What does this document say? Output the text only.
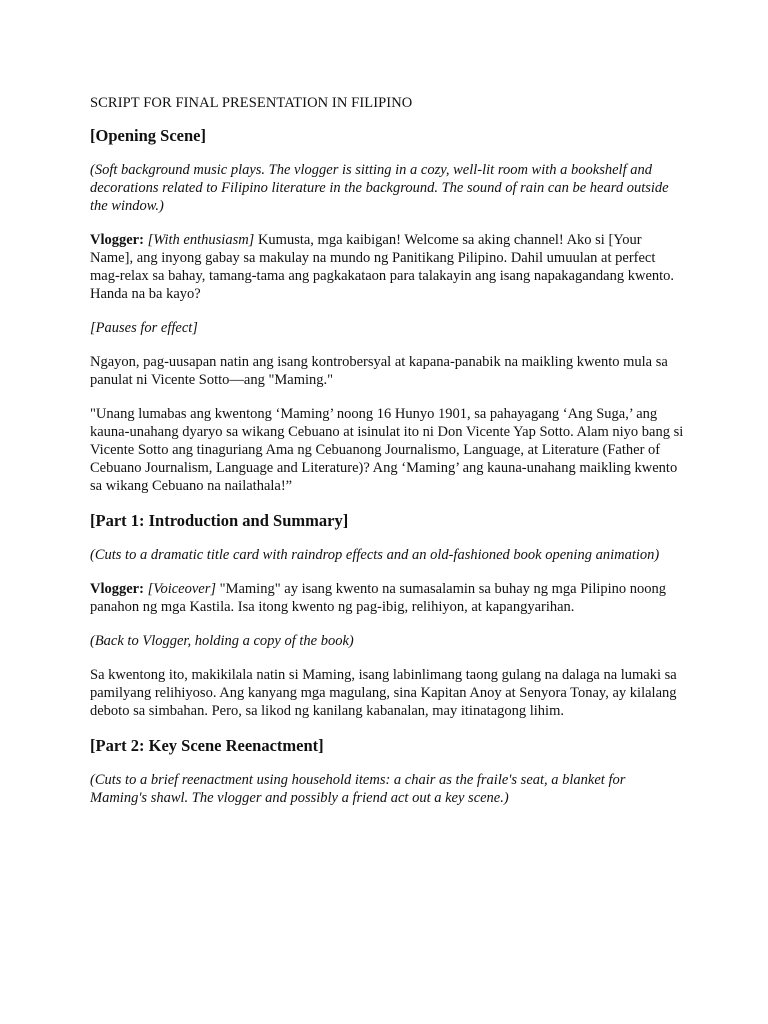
SCRIPT FOR FINAL PRESENTATION IN FILIPINO
[Opening Scene]

(Soft background music plays. The vlogger is sitting in a cozy, well-lit room with a bookshelf and decorations related to Filipino literature in the background. The sound of rain can be heard outside the window.)

Vlogger: [With enthusiasm] Kumusta, mga kaibigan! Welcome sa aking channel! Ako si [Your Name], ang inyong gabay sa makulay na mundo ng Panitikang Pilipino. Dahil umuulan at perfect mag-relax sa bahay, tamang-tama ang pagkakataon para talakayin ang isang napakagandang kwento. Handa na ba kayo?

[Pauses for effect]

Ngayon, pag-uusapan natin ang isang kontrobersyal at kapana-panabik na maikling kwento mula sa panulat ni Vicente Sotto—ang "Maming."

"Unang lumabas ang kwentong ‘Maming’ noong 16 Hunyo 1901, sa pahayagang ‘Ang Suga,’ ang kauna-unahang dyaryo sa wikang Cebuano at isinulat ito ni Don Vicente Yap Sotto. Alam niyo bang si Vicente Sotto ang tinaguriang Ama ng Cebuanong Journalismo, Language, at Literature (Father of Cebuano Journalism, Language and Literature)? Ang ‘Maming’ ang kauna-unahang maikling kwento sa wikang Cebuano na nailathala!”

[Part 1: Introduction and Summary]

(Cuts to a dramatic title card with raindrop effects and an old-fashioned book opening animation)

Vlogger: [Voiceover] "Maming" ay isang kwento na sumasalamin sa buhay ng mga Pilipino noong panahon ng mga Kastila. Isa itong kwento ng pag-ibig, relihiyon, at kapangyarihan.

(Back to Vlogger, holding a copy of the book)

Sa kwentong ito, makikilala natin si Maming, isang labinlimang taong gulang na dalaga na lumaki sa pamilyang relihiyoso. Ang kanyang mga magulang, sina Kapitan Anoy at Senyora Tonay, ay kilalang deboto sa simbahan. Pero, sa likod ng kanilang kabanalan, may itinatagong lihim.

[Part 2: Key Scene Reenactment]

(Cuts to a brief reenactment using household items: a chair as the fraile's seat, a blanket for Maming's shawl. The vlogger and possibly a friend act out a key scene.)
